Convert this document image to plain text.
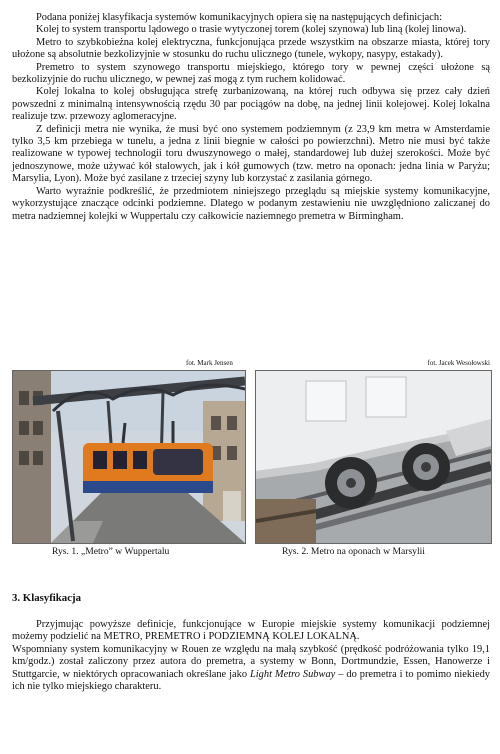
Podana poniżej klasyfikacja systemów komunikacyjnych opiera się na następujących definicjach:

Kolej to system transportu lądowego o trasie wytyczonej torem (kolej szynowa) lub liną (kolej linowa).

Metro to szybkobieżna kolej elektryczna, funkcjonująca przede wszystkim na obszarze miasta, której tory ułożone są absolutnie bezkolizyjnie w stosunku do ruchu ulicznego (tunele, wykopy, nasypy, estakady).

Premetro to system szynowego transportu miejskiego, którego tory w pewnej części ułożone są bezkolizyjnie do ruchu ulicznego, w pewnej zaś mogą z tym ruchem kolidować.

Kolej lokalna to kolej obsługująca strefę zurbanizowaną, na której ruch odbywa się przez cały dzień powszedni z minimalną intensywnością rzędu 30 par pociągów na dobę, na jednej linii kolejowej. Kolej lokalna realizuje tzw. przewozy aglomeracyjne.

Z definicji metra nie wynika, że musi być ono systemem podziemnym (z 23,9 km metra w Amsterdamie tylko 3,5 km przebiega w tunelu, a jedna z linii biegnie w całości po powierzchni). Metro nie musi być także realizowane w typowej technologii toru dwuszynowego o małej, standardowej lub dużej szerokości. Może być jednoszynowe, może używać kół stalowych, jak i kół gumowych (tzw. metro na oponach: jedna linia w Paryżu; Marsylia, Lyon). Może być zasilane z trzeciej szyny lub korzystać z zasilania górnego.

Warto wyraźnie podkreślić, że przedmiotem niniejszego przeglądu są miejskie systemy komunikacyjne, wykorzystujące znaczące odcinki podziemne. Dlatego w podanym zestawieniu nie uwzględniono zaliczanej do metra nadziemnej kolejki w Wuppertalu czy całkowicie naziemnego premetra w Birmingham.

fot. Mark Jensen	fot. Jacek Wesołowski
Rys. 1. „Metro” w Wuppertalu	Rys. 2. Metro na oponach w Marsylii
3. Klasyfikacja

Przyjmując powyższe definicje, funkcjonujące w Europie miejskie systemy komunikacji podziemnej możemy podzielić na METRO, PREMETRO i PODZIEMNĄ KOLEJ LOKALNĄ.

Wspomniany system komunikacyjny w Rouen ze względu na małą szybkość (prędkość podróżowania tylko 19,1 km/godz.) został zaliczony przez autora do premetra, a systemy w Bonn, Dortmundzie, Essen, Hanowerze i Stuttgarcie, w niektórych opracowaniach określane jako Light Metro Subway – do premetra i to pomimo niekiedy ich nie tylko miejskiego charakteru.
